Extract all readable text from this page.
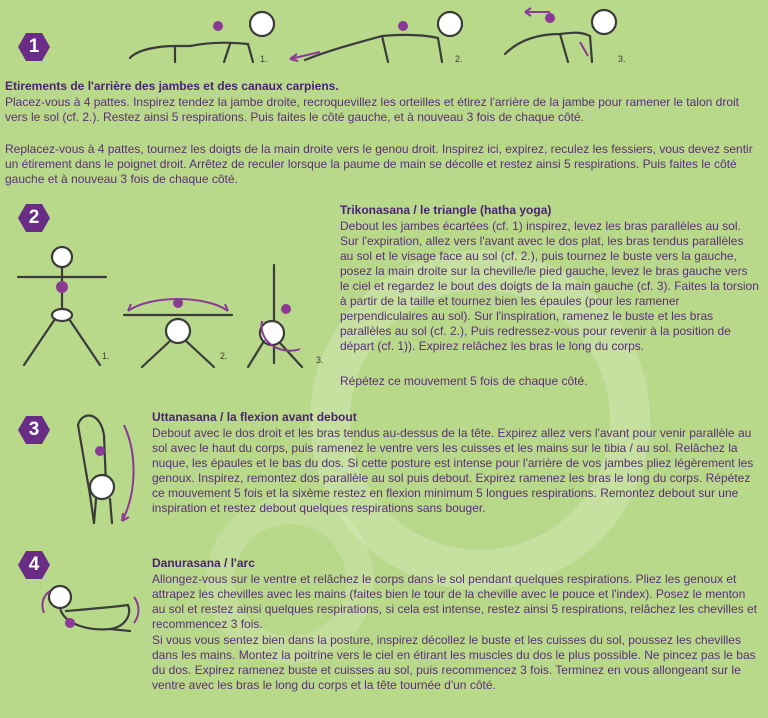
1
1.	2.	3.
Etirements de l'arrière des jambes et des canaux carpiens.
Placez-vous à 4 pattes. Inspirez tendez la jambe droite, recroquevillez les orteilles et étirez l'arrière de la jambe pour ramener le talon droit vers le sol (cf. 2.). Restez ainsi 5 respirations. Puis faites le côté gauche, et à nouveau 3 fois de chaque côté.
Replacez-vous à 4 pattes, tournez les doigts de la main droite vers le genou droit. Inspirez ici, expirez, reculez les fessiers, vous devez sentir un étirement dans le poignet droit. Arrêtez de reculer lorsque la paume de main se décolle et restez ainsi 5 respirations. Puis faites le côté gauche et à nouveau 3 fois de chaque côté.
2
1.	2.	3.
Trikonasana / le triangle (hatha yoga)
Debout les jambes écartées (cf. 1) inspirez, levez les bras parallèles au sol. Sur l'expiration, allez vers l'avant avec le dos plat, les bras tendus parallèles au sol et le visage face au sol (cf. 2.), puis tournez le buste vers la gauche, posez la main droite sur la cheville/le pied gauche, levez le bras gauche vers le ciel et regardez le bout des doigts de la main gauche (cf. 3). Faites la torsion à partir de la taille et tournez bien les épaules (pour les ramener perpendiculaires au sol). Sur l'inspiration, ramenez le buste et les bras parallèles au sol (cf. 2.), Puis redressez-vous pour revenir à la position de départ (cf. 1)). Expirez relâchez les bras le long du corps.
Répétez ce mouvement 5 fois de chaque côté.
3
Uttanasana / la flexion avant debout
Debout avec le dos droit et les bras tendus au-dessus de la tête. Expirez allez vers l'avant pour venir parallèle au sol avec le haut du corps, puis ramenez le ventre vers les cuisses et les mains sur le tibia / au sol. Relâchez la nuque, les épaules et le bas du dos. Si cette posture est intense pour l'arrière de vos jambes pliez légèrement les genoux. Inspirez, remontez dos parallèle au sol puis debout. Expirez ramenez les bras le long du corps. Répétez ce mouvement 5 fois et la sixème restez en flexion minimum 5 longues respirations. Remontez debout sur une inspiration et restez debout quelques respirations sans bouger.
4	Danurasana / l'arc
Allongez-vous sur le ventre et relâchez le corps dans le sol pendant quelques respirations. Pliez les genoux et attrapez les chevilles avec les mains (faites bien le tour de la cheville avec le pouce et l'index). Posez le menton au sol et restez ainsi quelques respirations, si cela est intense, restez ainsi 5 respirations, relâchez les chevilles et recommencez 3 fois.
Si vous vous sentez bien dans la posture, inspirez décollez le buste et les cuisses du sol, poussez les chevilles dans les mains. Montez la poitrine vers le ciel en étirant les muscles du dos le plus possible. Ne pincez pas le bas du dos. Expirez ramenez buste et cuisses au sol, puis recommencez 3 fois. Terminez en vous allongeant sur le ventre avec les bras le long du corps et la tête tournée d'un côté.
